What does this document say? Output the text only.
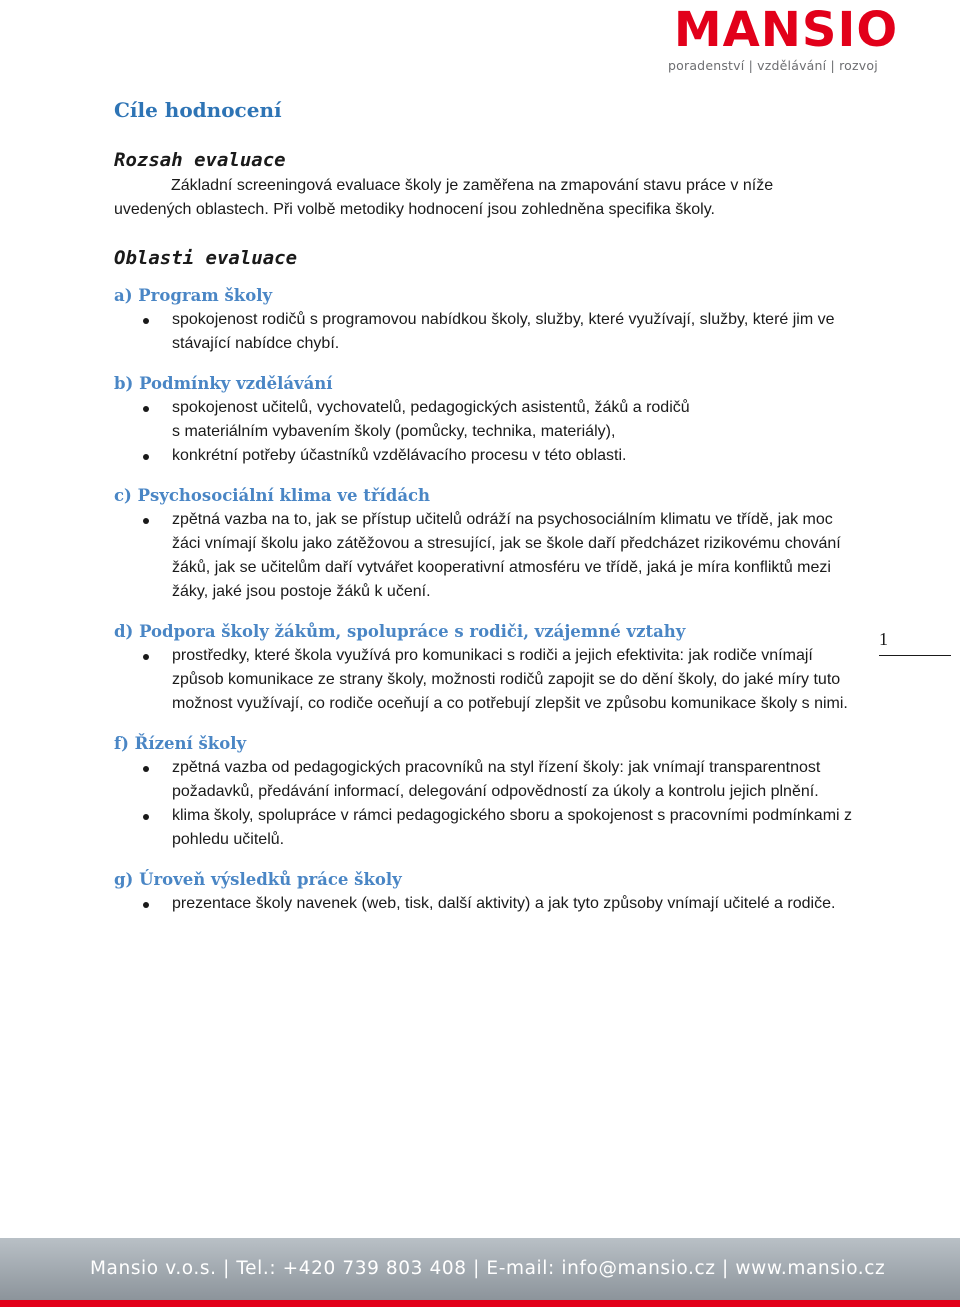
MANSIO
poradenství | vzdělávání | rozvoj
Cíle hodnocení
Rozsah evaluace

Základní screeningová evaluace školy je zaměřena na zmapování stavu práce v níže uvedených oblastech. Při volbě metodiky hodnocení jsou zohledněna specifika školy.

Oblasti evaluace
a) Program školy
spokojenost rodičů s programovou nabídkou školy, služby, které využívají, služby, které jim ve stávající nabídce chybí.
b) Podmínky vzdělávání
spokojenost učitelů, vychovatelů, pedagogických asistentů, žáků a rodičů
s materiálním vybavením školy (pomůcky, technika, materiály),
konkrétní potřeby účastníků vzdělávacího procesu v této oblasti.
c) Psychosociální klima ve třídách
zpětná vazba na to, jak se přístup učitelů odráží na psychosociálním klimatu ve třídě, jak moc žáci vnímají školu jako zátěžovou a stresující, jak se škole daří předcházet rizikovému chování žáků, jak se učitelům daří vytvářet kooperativní atmosféru ve třídě, jaká je míra konfliktů mezi žáky, jaké jsou postoje žáků k učení.
d) Podpora školy žákům, spolupráce s rodiči, vzájemné vztahy
prostředky, které škola využívá pro komunikaci s rodiči a jejich efektivita: jak rodiče vnímají způsob komunikace ze strany školy, možnosti rodičů zapojit se do dění školy, do jaké míry tuto možnost využívají, co rodiče oceňují a co potřebují zlepšit ve způsobu komunikace školy s nimi.
f) Řízení školy
zpětná vazba od pedagogických pracovníků na styl řízení školy: jak vnímají transparentnost požadavků, předávání informací, delegování odpovědností za úkoly a kontrolu jejich plnění.
klima školy, spolupráce v rámci pedagogického sboru a spokojenost s pracovními podmínkami z pohledu učitelů.
g) Úroveň výsledků práce školy
prezentace školy navenek (web, tisk, další aktivity) a jak tyto způsoby vnímají učitelé a rodiče.
1
Mansio v.o.s. | Tel.: +420 739 803 408 | E-mail: info@mansio.cz | www.mansio.cz
